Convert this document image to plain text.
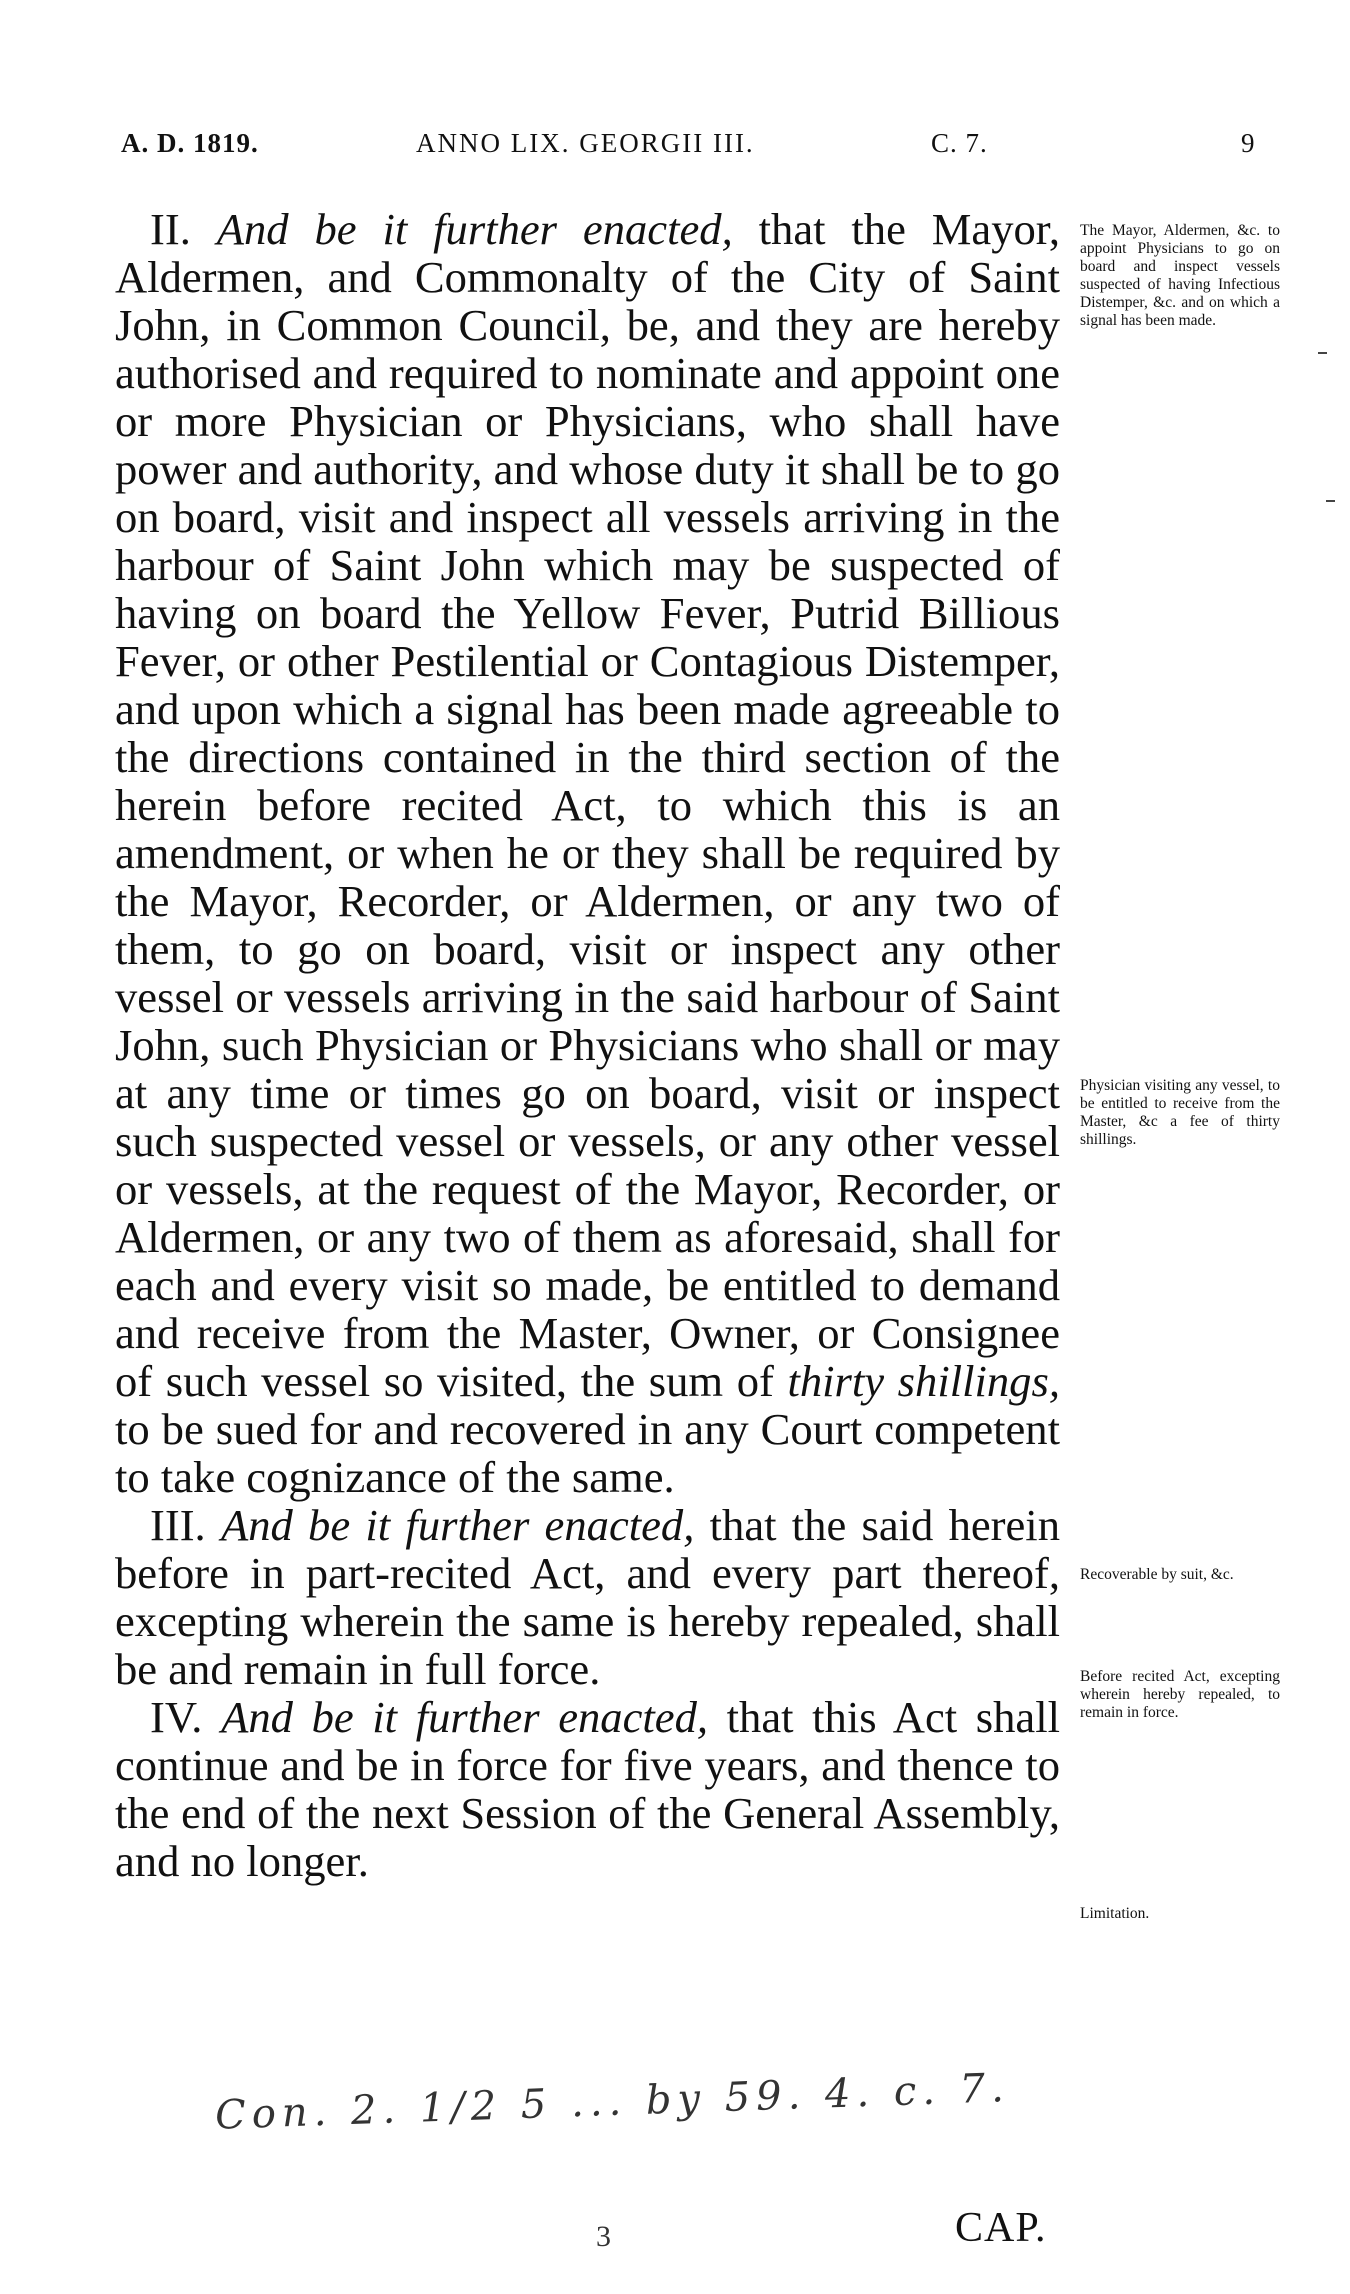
A. D. 1819.	ANNO LIX. GEORGII III.	C. 7.	9

II. And be it further enacted, that the Mayor, Aldermen, and Commonalty of the City of Saint John, in Common Council, be, and they are hereby authorised and required to nominate and appoint one or more Physician or Physicians, who shall have power and authority, and whose duty it shall be to go on board, visit and inspect all vessels arriving in the harbour of Saint John which may be suspected of having on board the Yellow Fever, Putrid Billious Fever, or other Pestilential or Contagious Distemper, and upon which a signal has been made agreeable to the directions contained in the third section of the herein before recited Act, to which this is an amendment, or when he or they shall be required by the Mayor, Recorder, or Aldermen, or any two of them, to go on board, visit or inspect any other vessel or vessels arriving in the said harbour of Saint John, such Physician or Physicians who shall or may at any time or times go on board, visit or inspect such suspected vessel or vessels, or any other vessel or vessels, at the request of the Mayor, Recorder, or Aldermen, or any two of them as aforesaid, shall for each and every visit so made, be entitled to demand and receive from the Master, Owner, or Consignee of such vessel so visited, the sum of thirty shillings, to be sued for and recovered in any Court competent to take cognizance of the same.

III. And be it further enacted, that the said herein before in part-recited Act, and every part thereof, excepting wherein the same is hereby repealed, shall be and remain in full force.

IV. And be it further enacted, that this Act shall continue and be in force for five years, and thence to the end of the next Session of the General Assembly, and no longer.

The Mayor, Aldermen, &c. to appoint Physicians to go on board and inspect vessels suspected of having Infectious Distemper, &c. and on which a signal has been made.
Physician visiting any vessel, to be entitled to receive from the Master, &c a fee of thirty shillings.
Recoverable by suit, &c.
Before recited Act, excepting wherein hereby repealed, to remain in force.
Limitation.
Con. 2. 1/2 5 ... by 59. 4. c. 7.
3	CAP.
